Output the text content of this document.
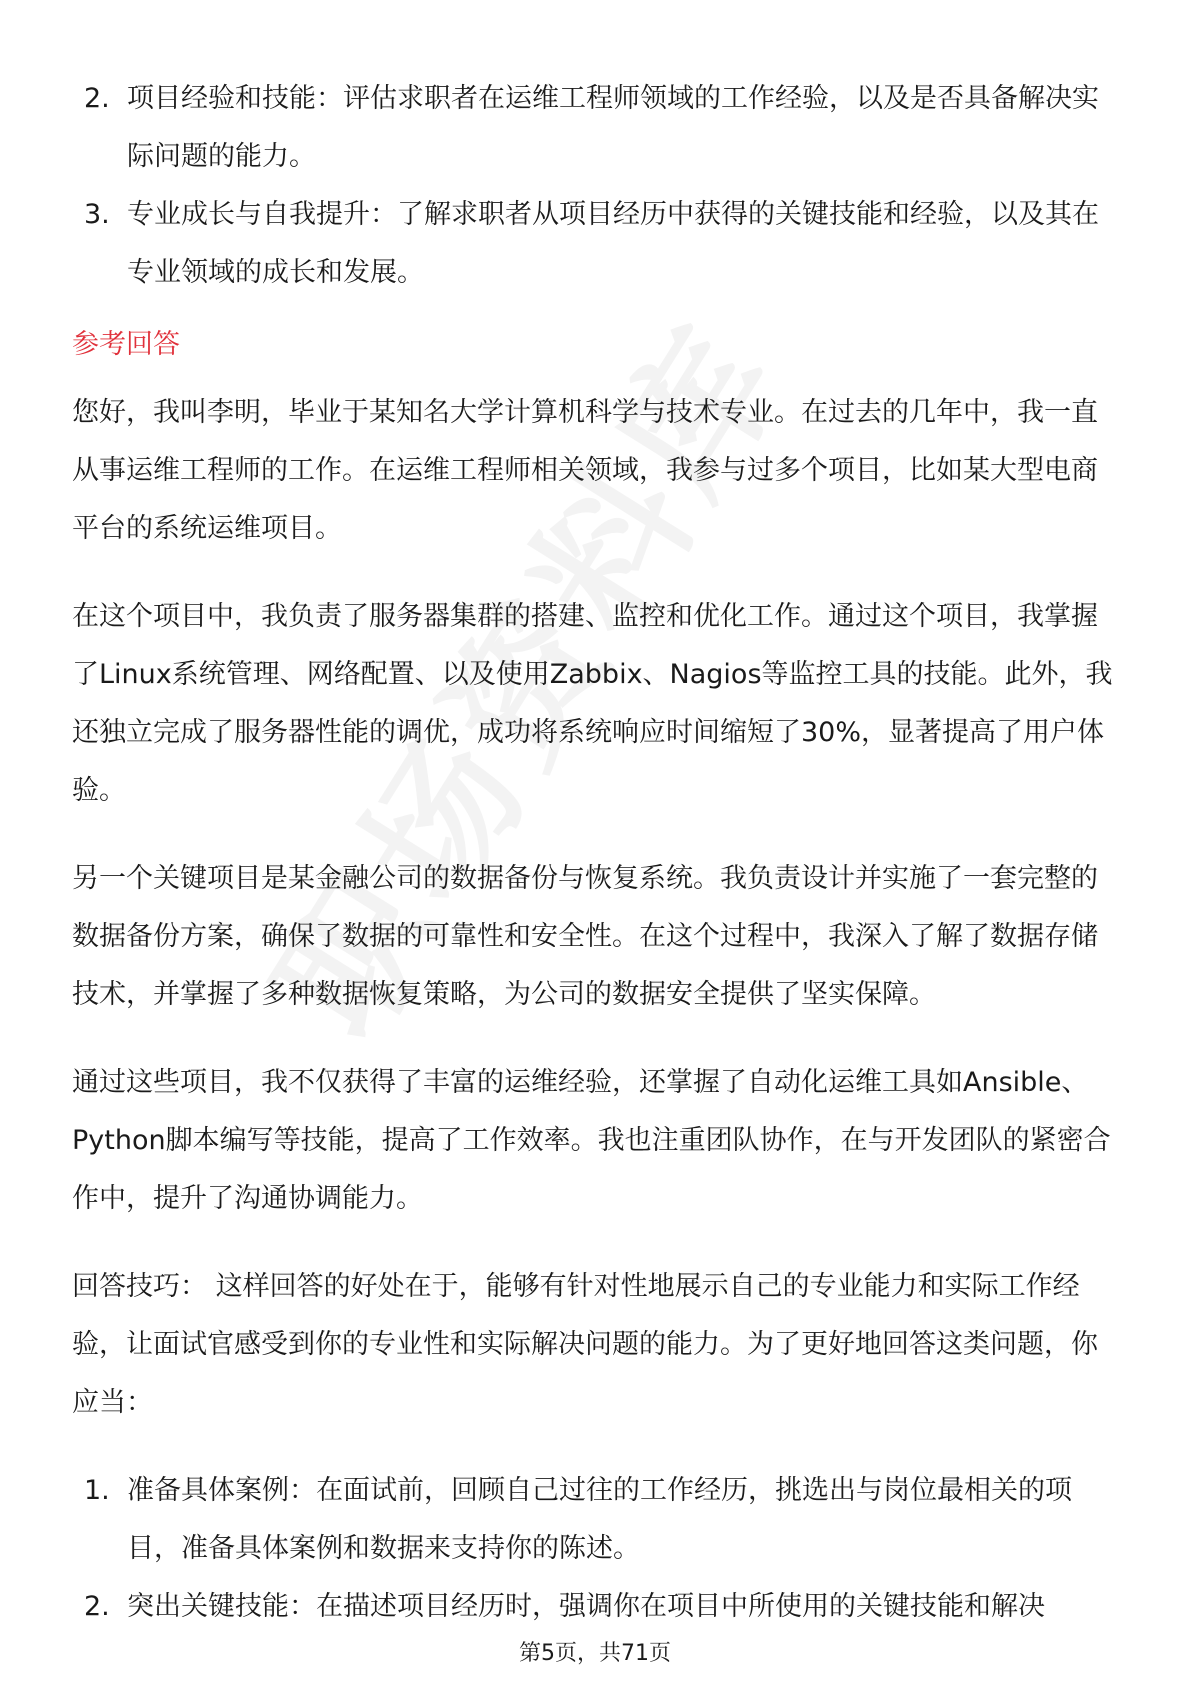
2. 项目经验和技能：评估求职者在运维工程师领域的工作经验，以及是否具备解决实际问题的能力。
3. 专业成长与自我提升：了解求职者从项目经历中获得的关键技能和经验，以及其在专业领域的成长和发展。
参考回答

您好，我叫李明，毕业于某知名大学计算机科学与技术专业。在过去的几年中，我一直从事运维工程师的工作。在运维工程师相关领域，我参与过多个项目，比如某大型电商平台的系统运维项目。

在这个项目中，我负责了服务器集群的搭建、监控和优化工作。通过这个项目，我掌握了Linux系统管理、网络配置、以及使用Zabbix、Nagios等监控工具的技能。此外，我还独立完成了服务器性能的调优，成功将系统响应时间缩短了30%，显著提高了用户体验。

另一个关键项目是某金融公司的数据备份与恢复系统。我负责设计并实施了一套完整的数据备份方案，确保了数据的可靠性和安全性。在这个过程中，我深入了解了数据存储技术，并掌握了多种数据恢复策略，为公司的数据安全提供了坚实保障。

通过这些项目，我不仅获得了丰富的运维经验，还掌握了自动化运维工具如Ansible、Python脚本编写等技能，提高了工作效率。我也注重团队协作，在与开发团队的紧密合作中，提升了沟通协调能力。

回答技巧： 这样回答的好处在于，能够有针对性地展示自己的专业能力和实际工作经验，让面试官感受到你的专业性和实际解决问题的能力。为了更好地回答这类问题，你应当：

1. 准备具体案例：在面试前，回顾自己过往的工作经历，挑选出与岗位最相关的项目，准备具体案例和数据来支持你的陈述。
2. 突出关键技能：在描述项目经历时，强调你在项目中所使用的关键技能和解决
第5页，共71页
